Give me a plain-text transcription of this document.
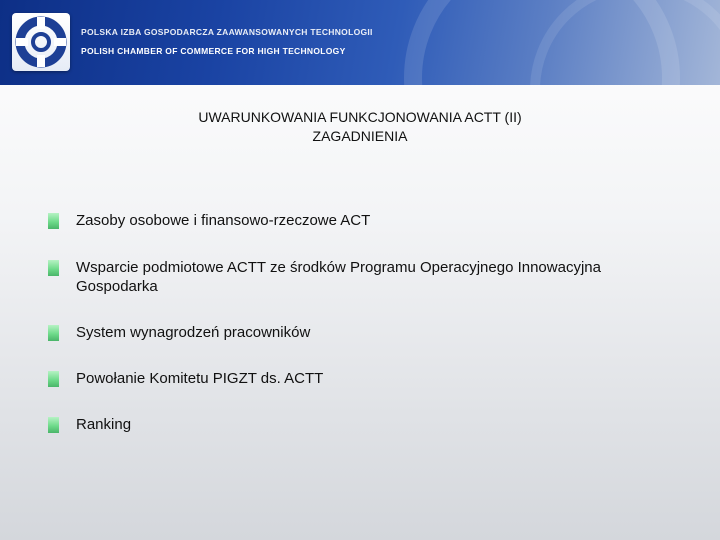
POLSKA IZBA GOSPODARCZA ZAAWANSOWANYCH TECHNOLOGII
POLISH CHAMBER OF COMMERCE FOR HIGH TECHNOLOGY
UWARUNKOWANIA FUNKCJONOWANIA ACTT (II)
ZAGADNIENIA
Zasoby osobowe i finansowo-rzeczowe ACT
Wsparcie podmiotowe ACTT ze środków Programu Operacyjnego Innowacyjna
Gospodarka
System wynagrodzeń pracowników
Powołanie Komitetu PIGZT ds. ACTT
Ranking
